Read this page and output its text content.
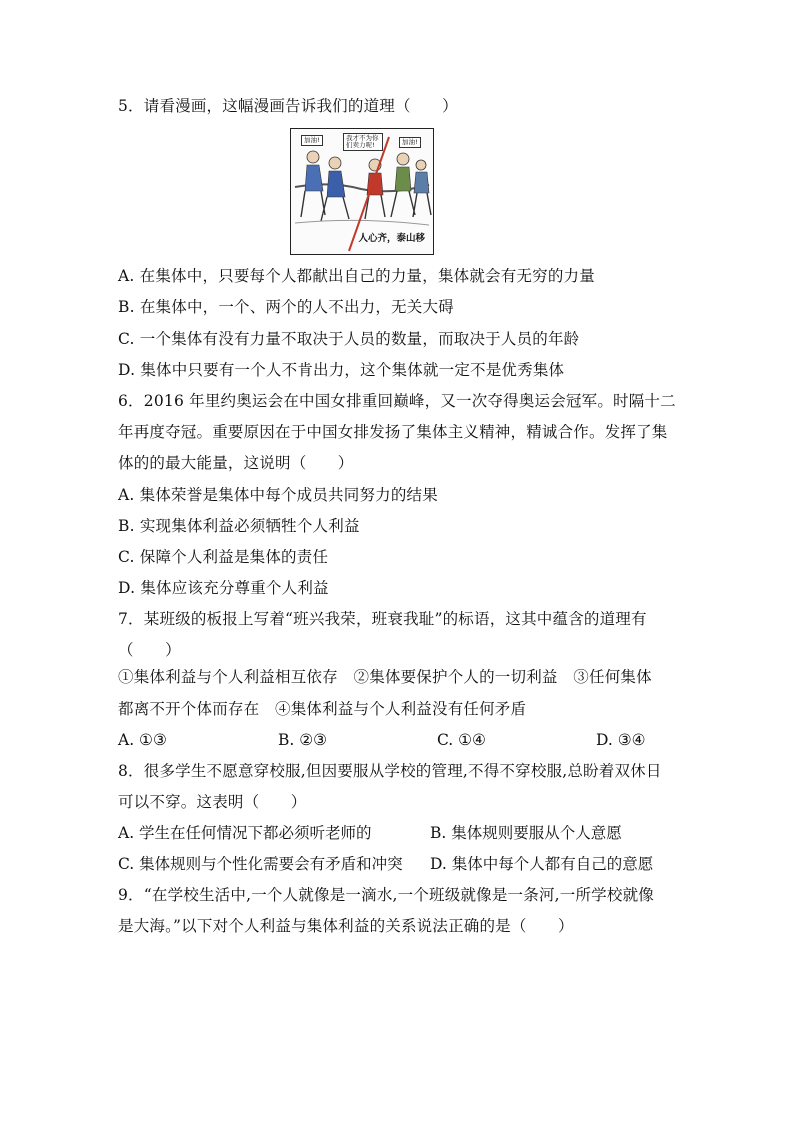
5．请看漫画，这幅漫画告诉我们的道理（　　）
加油!	我才不为你们卖力呢!	加油!
人心齐，泰山移
A. 在集体中，只要每个人都献出自己的力量，集体就会有无穷的力量
B. 在集体中，一个、两个的人不出力，无关大碍
C. 一个集体有没有力量不取决于人员的数量，而取决于人员的年龄
D. 集体中只要有一个人不肯出力，这个集体就一定不是优秀集体
6．2016 年里约奥运会在中国女排重回巅峰，又一次夺得奥运会冠军。时隔十二
年再度夺冠。重要原因在于中国女排发扬了集体主义精神，精诚合作。发挥了集
体的的最大能量，这说明（　　）
A. 集体荣誉是集体中每个成员共同努力的结果
B. 实现集体利益必须牺牲个人利益
C. 保障个人利益是集体的责任
D. 集体应该充分尊重个人利益
7．某班级的板报上写着“班兴我荣，班衰我耻”的标语，这其中蕴含的道理有
（　　）
①集体利益与个人利益相互依存　②集体要保护个人的一切利益　③任何集体
都离不开个体而存在　④集体利益与个人利益没有任何矛盾
A. ①③	B. ②③	C. ①④	D. ③④
8．很多学生不愿意穿校服,但因要服从学校的管理,不得不穿校服,总盼着双休日
可以不穿。这表明（　　）
A. 学生在任何情况下都必须听老师的	B. 集体规则要服从个人意愿
C. 集体规则与个性化需要会有矛盾和冲突 D. 集体中每个人都有自己的意愿
9．“在学校生活中,一个人就像是一滴水,一个班级就像是一条河,一所学校就像
是大海。”以下对个人利益与集体利益的关系说法正确的是（　　）
